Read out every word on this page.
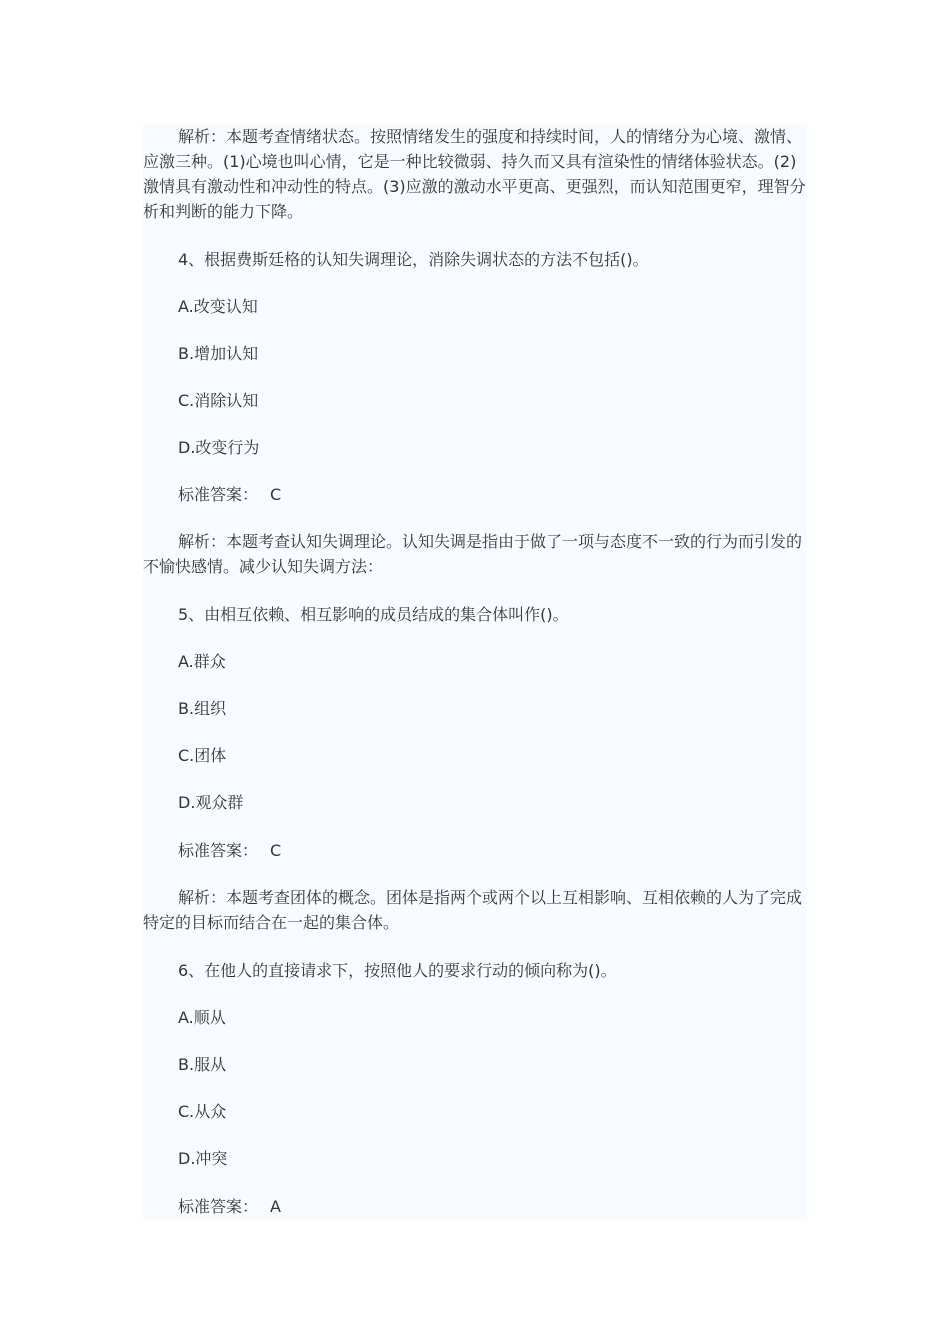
解析：本题考查情绪状态。按照情绪发生的强度和持续时间，人的情绪分为心境、激情、应激三种。(1)心境也叫心情，它是一种比较微弱、持久而又具有渲染性的情绪体验状态。(2)激情具有激动性和冲动性的特点。(3)应激的激动水平更高、更强烈，而认知范围更窄，理智分析和判断的能力下降。

4、根据费斯廷格的认知失调理论，消除失调状态的方法不包括()。

A.改变认知

B.增加认知

C.消除认知

D.改变行为

标准答案： C

解析：本题考查认知失调理论。认知失调是指由于做了一项与态度不一致的行为而引发的不愉快感情。减少认知失调方法：

5、由相互依赖、相互影响的成员结成的集合体叫作()。

A.群众

B.组织

C.团体

D.观众群

标准答案： C

解析：本题考查团体的概念。团体是指两个或两个以上互相影响、互相依赖的人为了完成特定的目标而结合在一起的集合体。

6、在他人的直接请求下，按照他人的要求行动的倾向称为()。

A.顺从

B.服从

C.从众

D.冲突

标准答案： A
